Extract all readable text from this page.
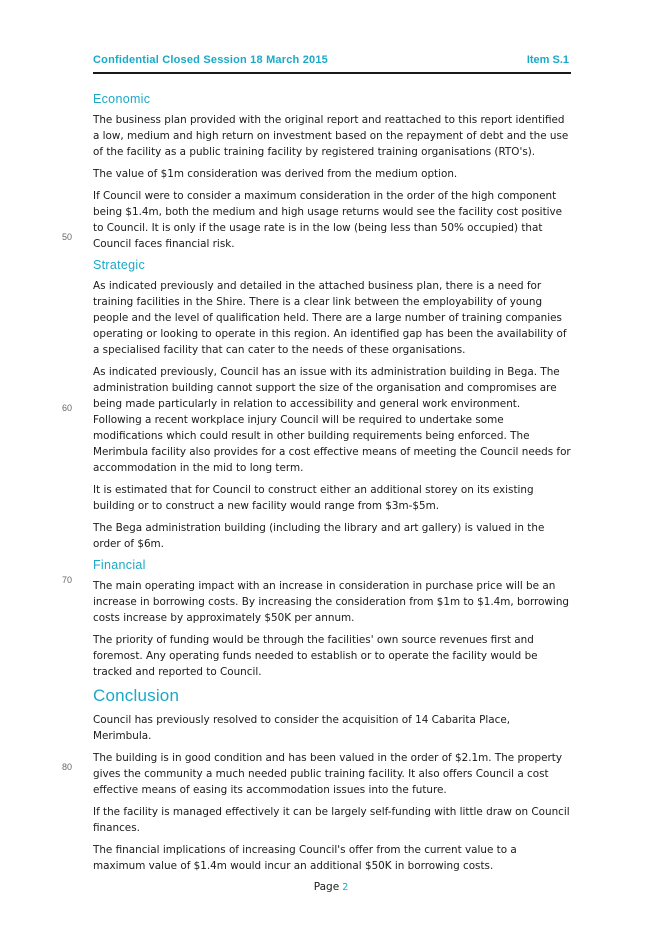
Confidential Closed Session 18 March 2015	Item S.1
50
60
70
80
Economic

The business plan provided with the original report and reattached to this report identified a low, medium and high return on investment based on the repayment of debt and the use of the facility as a public training facility by registered training organisations (RTO's).

The value of $1m consideration was derived from the medium option.

If Council were to consider a maximum consideration in the order of the high component being $1.4m, both the medium and high usage returns would see the facility cost positive to Council. It is only if the usage rate is in the low (being less than 50% occupied) that Council faces financial risk.

Strategic

As indicated previously and detailed in the attached business plan, there is a need for training facilities in the Shire. There is a clear link between the employability of young people and the level of qualification held. There are a large number of training companies operating or looking to operate in this region. An identified gap has been the availability of a specialised facility that can cater to the needs of these organisations.

As indicated previously, Council has an issue with its administration building in Bega. The administration building cannot support the size of the organisation and compromises are being made particularly in relation to accessibility and general work environment. Following a recent workplace injury Council will be required to undertake some modifications which could result in other building requirements being enforced. The Merimbula facility also provides for a cost effective means of meeting the Council needs for accommodation in the mid to long term.

It is estimated that for Council to construct either an additional storey on its existing building or to construct a new facility would range from $3m-$5m.

The Bega administration building (including the library and art gallery) is valued in the order of $6m.

Financial

The main operating impact with an increase in consideration in purchase price will be an increase in borrowing costs. By increasing the consideration from $1m to $1.4m, borrowing costs increase by approximately $50K per annum.

The priority of funding would be through the facilities' own source revenues first and foremost. Any operating funds needed to establish or to operate the facility would be tracked and reported to Council.

Conclusion

Council has previously resolved to consider the acquisition of 14 Cabarita Place, Merimbula.

The building is in good condition and has been valued in the order of $2.1m. The property gives the community a much needed public training facility. It also offers Council a cost effective means of easing its accommodation issues into the future.

If the facility is managed effectively it can be largely self-funding with little draw on Council finances.

The financial implications of increasing Council's offer from the current value to a maximum value of $1.4m would incur an additional $50K in borrowing costs.

Page 2
